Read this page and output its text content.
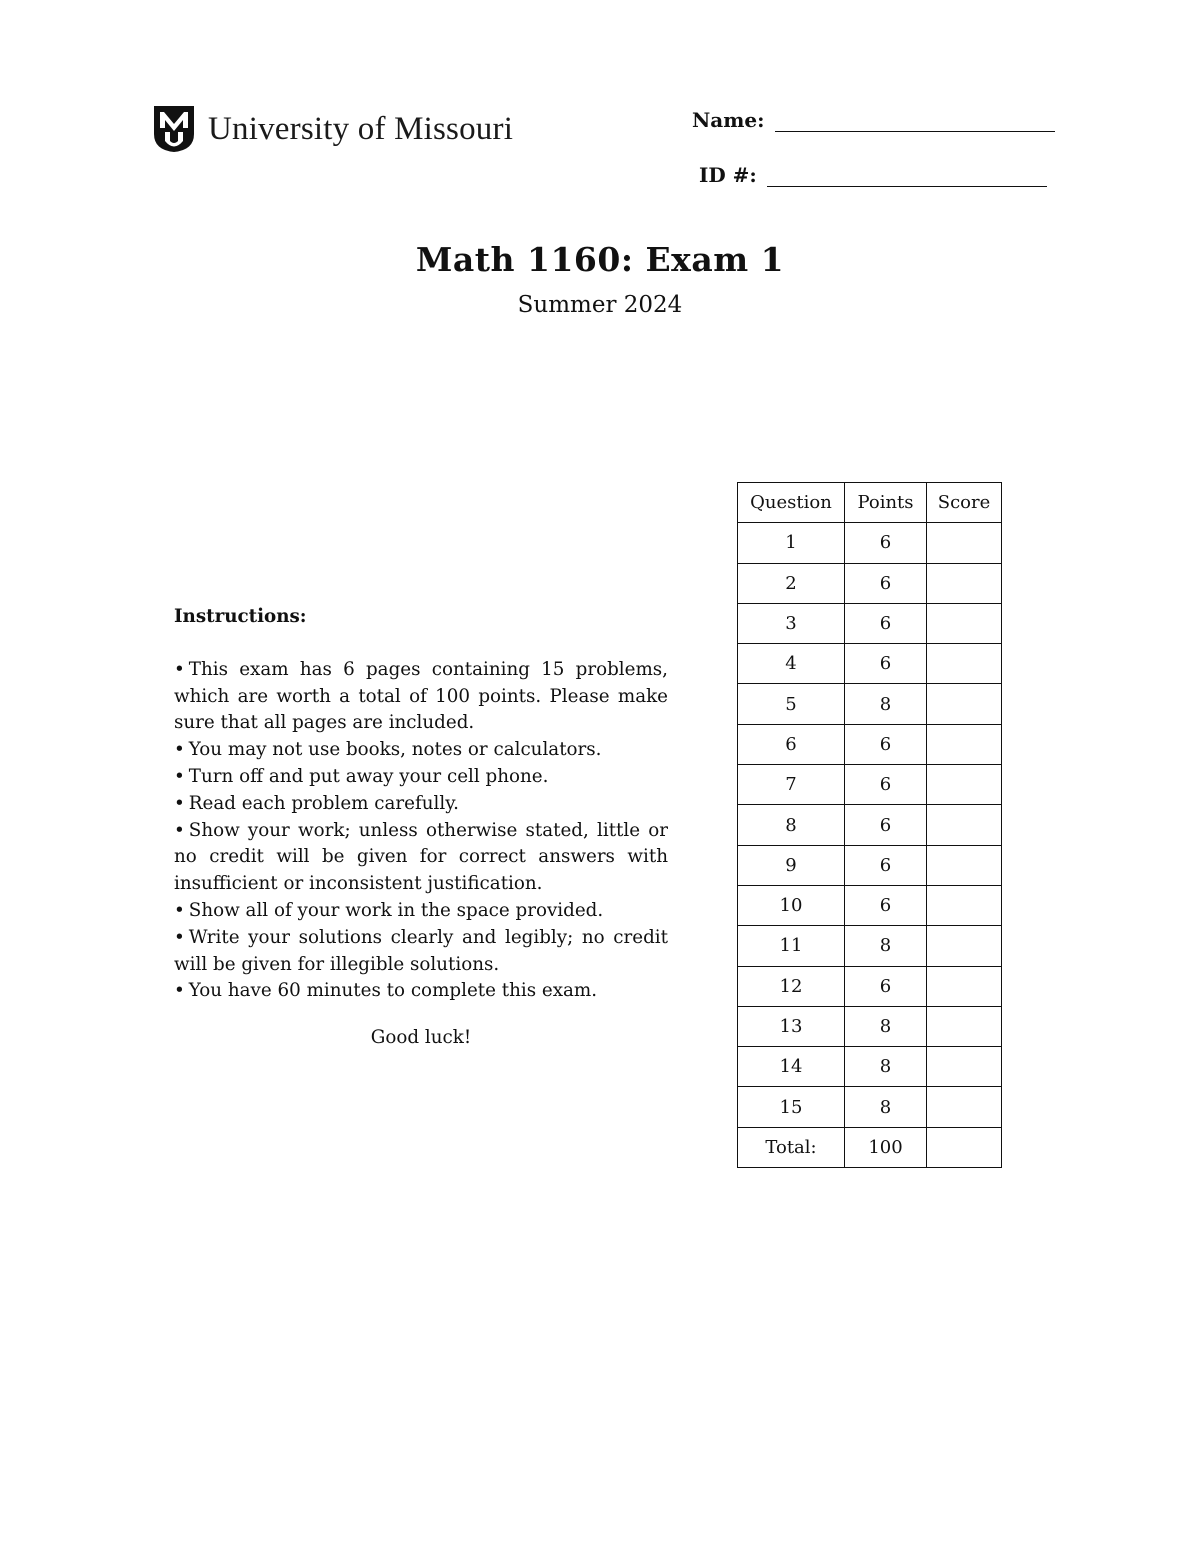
University of Missouri	Name:
ID #:
Math 1160: Exam 1
Summer 2024
Instructions:
• This exam has 6 pages containing 15 problems, which are worth a total of 100 points. Please make sure that all pages are included.
• You may not use books, notes or calculators.
• Turn off and put away your cell phone.
• Read each problem carefully.
• Show your work; unless otherwise stated, little or no credit will be given for correct answers with insufficient or inconsistent justification.
• Show all of your work in the space provided.
• Write your solutions clearly and legibly; no credit will be given for illegible solutions.
• You have 60 minutes to complete this exam.
Good luck!
Question	Points	Score
1	6	
2	6	
3	6	
4	6	
5	8	
6	6	
7	6	
8	6	
9	6	
10	6	
11	8	
12	6	
13	8	
14	8	
15	8	
Total:	100	
